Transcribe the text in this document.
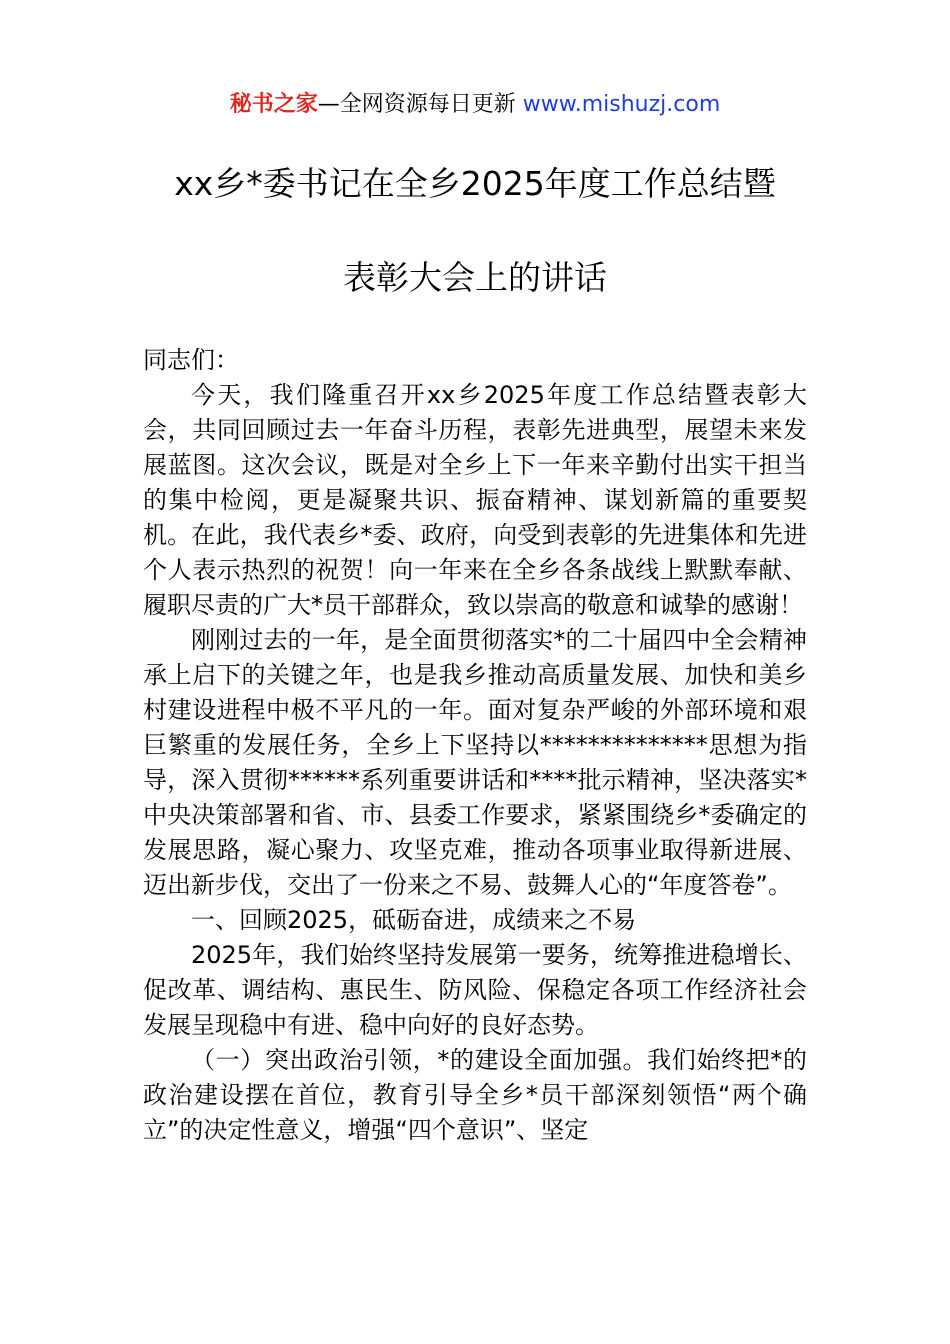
秘书之家—全网资源每日更新 www.mishuzj.com
xx乡*委书记在全乡2025年度工作总结暨
表彰大会上的讲话

同志们：

今天，我们隆重召开xx乡2025年度工作总结暨表彰大会，共同回顾过去一年奋斗历程，表彰先进典型，展望未来发展蓝图。这次会议，既是对全乡上下一年来辛勤付出实干担当的集中检阅，更是凝聚共识、振奋精神、谋划新篇的重要契机。在此，我代表乡*委、政府，向受到表彰的先进集体和先进个人表示热烈的祝贺！向一年来在全乡各条战线上默默奉献、履职尽责的广大*员干部群众，致以崇高的敬意和诚挚的感谢！

刚刚过去的一年，是全面贯彻落实*的二十届四中全会精神承上启下的关键之年，也是我乡推动高质量发展、加快和美乡村建设进程中极不平凡的一年。面对复杂严峻的外部环境和艰巨繁重的发展任务，全乡上下坚持以**************思想为指导，深入贯彻******系列重要讲话和****批示精神，坚决落实*中央决策部署和省、市、县委工作要求，紧紧围绕乡*委确定的发展思路，凝心聚力、攻坚克难，推动各项事业取得新进展、迈出新步伐，交出了一份来之不易、鼓舞人心的“年度答卷”。

一、回顾2025，砥砺奋进，成绩来之不易

2025年，我们始终坚持发展第一要务，统筹推进稳增长、促改革、调结构、惠民生、防风险、保稳定各项工作经济社会发展呈现稳中有进、稳中向好的良好态势。

（一）突出政治引领，*的建设全面加强。我们始终把*的政治建设摆在首位，教育引导全乡*员干部深刻领悟“两个确立”的决定性意义，增强“四个意识”、坚定
